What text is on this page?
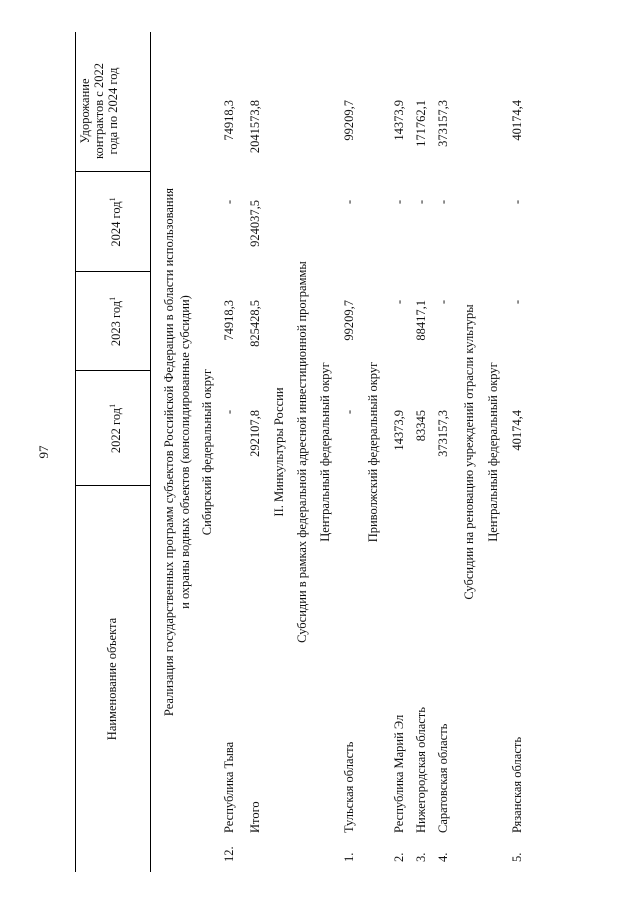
97
Наименование объекта
2022 год$^1$
2023 год$^1$
2024 год$^1$
Удорожание контрактов с 2022 года по 2024 год
Реализация государственных программ субъектов Российской Федерации в области использования и охраны водных объектов (консолидированные субсидии) Сибирский федеральный округ
12.
Республика Тыва
-
74918,3
-
74918,3
Итого
292107,8
825428,5
924037,5
2041573,8
II. Минкультуры России Субсидии в рамках федеральной адресной инвестиционной программы Центральный федеральный округ
1.
Тульская область
-
99209,7
-
99209,7
Приволжский федеральный округ
2.
Республика Марий Эл
14373,9
-
-
14373,9
3.
Нижегородская область
83345
88417,1
-
171762,1
4.
Саратовская область
373157,3
-
-
373157,3
Субсидии на реновацию учреждений отрасли культуры Центральный федеральный округ
5.
Рязанская область
40174,4
-
-
40174,4
